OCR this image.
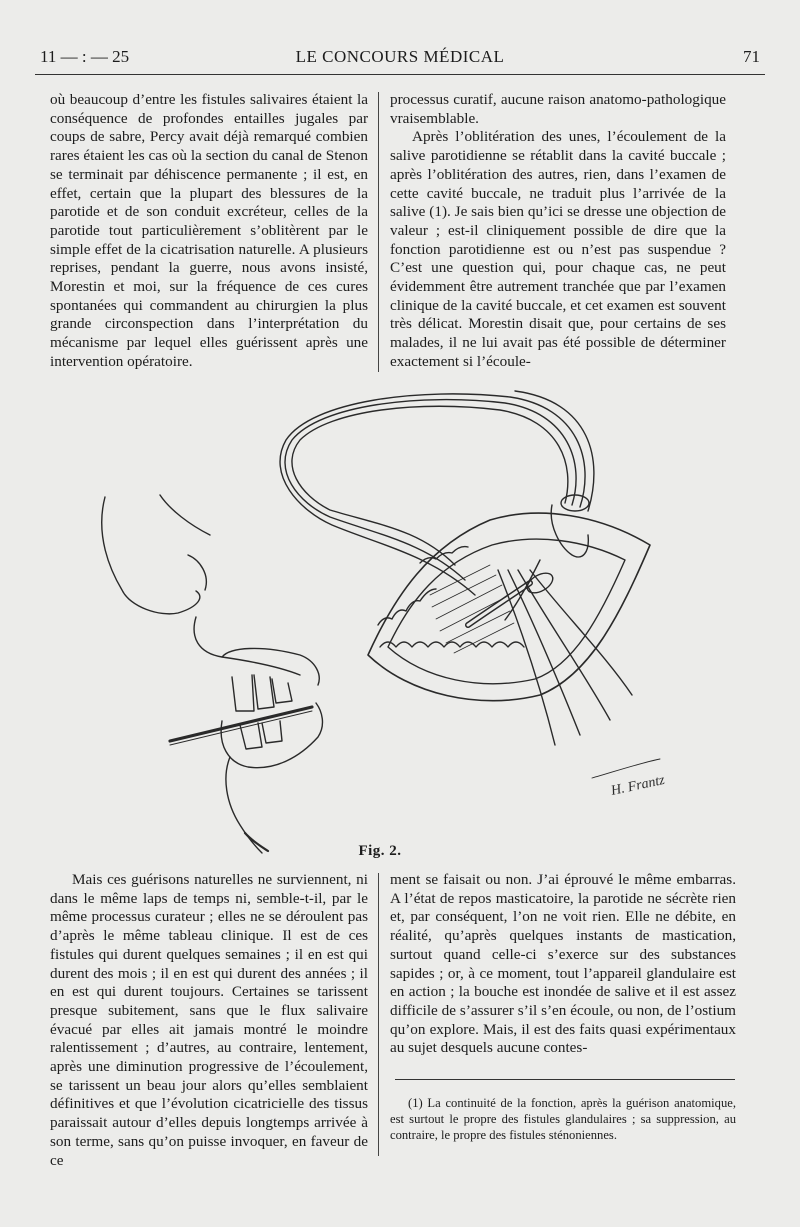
11 — : — 25	LE CONCOURS MÉDICAL	71

où beaucoup d’entre les fistules salivaires étaient la conséquence de profondes entailles jugales par coups de sabre, Percy avait déjà remarqué combien rares étaient les cas où la section du canal de Stenon se terminait par déhiscence permanente ; il est, en effet, certain que la plupart des blessures de la parotide et de son conduit excréteur, celles de la parotide tout particulièrement s’oblitèrent par le simple effet de la cicatrisation naturelle. A plusieurs reprises, pendant la guerre, nous avons insisté, Morestin et moi, sur la fréquence de ces cures spontanées qui commandent au chirurgien la plus grande circonspection dans l’interprétation du mécanisme par lequel elles guérissent après une intervention opératoire.

processus curatif, aucune raison anatomo-pathologique vraisemblable.

Après l’oblitération des unes, l’écoulement de la salive parotidienne se rétablit dans la cavité buccale ; après l’oblitération des autres, rien, dans l’examen de cette cavité buccale, ne traduit plus l’arrivée de la salive (1). Je sais bien qu’ici se dresse une objection de valeur ; est-il cliniquement possible de dire que la fonction parotidienne est ou n’est pas suspendue ? C’est une question qui, pour chaque cas, ne peut évidemment être autrement tranchée que par l’examen clinique de la cavité buccale, et cet examen est souvent très délicat. Morestin disait que, pour certains de ses malades, il ne lui avait pas été possible de déterminer exactement si l’écoule-

H. Frantz
Fig. 2.

Mais ces guérisons naturelles ne surviennent, ni dans le même laps de temps ni, semble-t-il, par le même processus curateur ; elles ne se déroulent pas d’après le même tableau clinique. Il est de ces fistules qui durent quelques semaines ; il en est qui durent des mois ; il en est qui durent des années ; il en est qui durent toujours. Certaines se tarissent presque subitement, sans que le flux salivaire évacué par elles ait jamais montré le moindre ralentissement ; d’autres, au contraire, lentement, après une diminution progressive de l’écoulement, se tarissent un beau jour alors qu’elles semblaient définitives et que l’évolution cicatricielle des tissus paraissait autour d’elles depuis longtemps arrivée à son terme, sans qu’on puisse invoquer, en faveur de ce

ment se faisait ou non. J’ai éprouvé le même embarras. A l’état de repos masticatoire, la parotide ne sécrète rien et, par conséquent, l’on ne voit rien. Elle ne débite, en réalité, qu’après quelques instants de mastication, surtout quand celle-ci s’exerce sur des substances sapides ; or, à ce moment, tout l’appareil glandulaire est en action ; la bouche est inondée de salive et il est assez difficile de s’assurer s’il s’en écoule, ou non, de l’ostium qu’on explore. Mais, il est des faits quasi expérimentaux au sujet desquels aucune contes-

(1) La continuité de la fonction, après la guérison anatomique, est surtout le propre des fistules glandulaires ; sa suppression, au contraire, le propre des fistules sténoniennes.
